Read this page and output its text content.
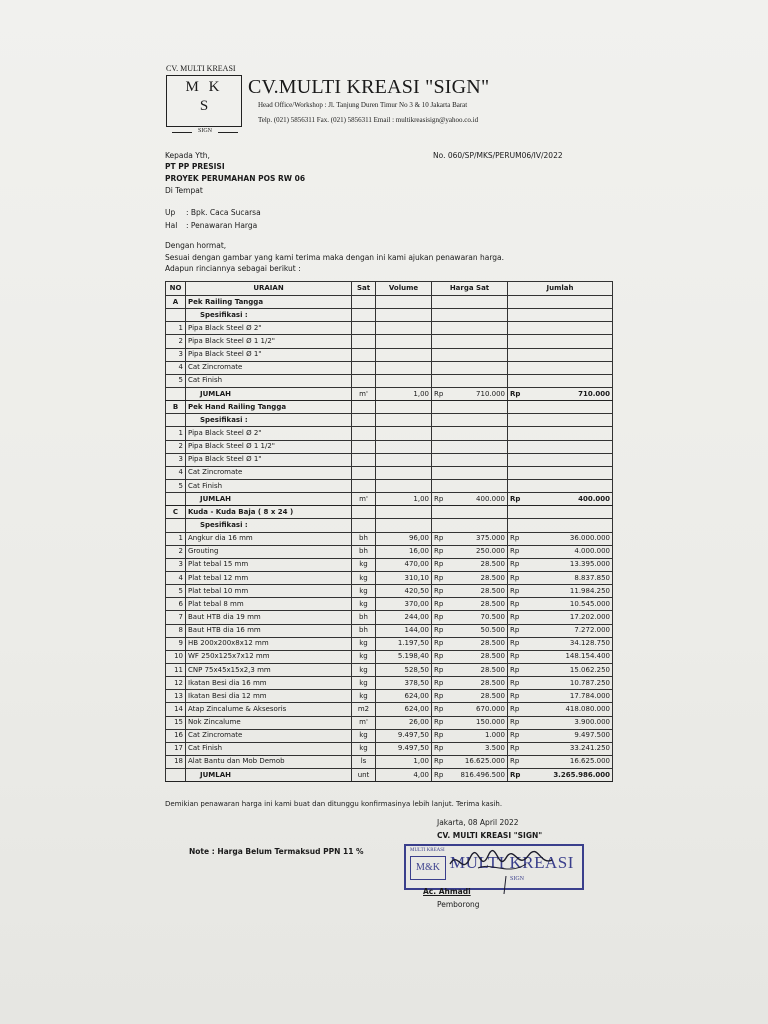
CV. MULTI KREASI
M K
S
SIGN
CV.MULTI KREASI "SIGN"
Head Office/Workshop : Jl. Tanjung Duren Timur No 3 & 10 Jakarta Barat
Telp. (021) 5856311 Fax. (021) 5856311 Email : multikreasisign@yahoo.co.id
Kepada Yth,
PT PP PRESISI
PROYEK PERUMAHAN POS RW 06
Di Tempat
No. 060/SP/MKS/PERUM06/IV/2022
Up : Bpk. Caca Sucarsa
Hal : Penawaran Harga
Dengan hormat,
Sesuai dengan gambar yang kami terima maka dengan ini kami ajukan penawaran harga.
Adapun rinciannya sebagai berikut :
NO	URAIAN	Sat	Volume	Harga Sat	Jumlah
A	Pek Railing Tangga			

	Spesifikasi :			

1	Pipa Black Steel Ø 2"			

2	Pipa Black Steel Ø 1 1/2"			

3	Pipa Black Steel Ø 1"			

4	Cat Zincromate			

5	Cat Finish			

	JUMLAH	m'	1,00	Rp 710.000	Rp 710.000

B	Pek Hand Railing Tangga			

	Spesifikasi :			

1	Pipa Black Steel Ø 2"			

2	Pipa Black Steel Ø 1 1/2"			

3	Pipa Black Steel Ø 1"			

4	Cat Zincromate			

5	Cat Finish			

	JUMLAH	m'	1,00	Rp 400.000	Rp 400.000

C	Kuda - Kuda Baja ( 8 x 24 )			

	Spesifikasi :			

1	Angkur dia 16 mm	bh	96,00	Rp 375.000	Rp 36.000.000

2	Grouting	bh	16,00	Rp 250.000	Rp 4.000.000

3	Plat tebal 15 mm	kg	470,00	Rp 28.500	Rp 13.395.000

4	Plat tebal 12 mm	kg	310,10	Rp 28.500	Rp 8.837.850

5	Plat tebal 10 mm	kg	420,50	Rp 28.500	Rp 11.984.250

6	Plat tebal 8 mm	kg	370,00	Rp 28.500	Rp 10.545.000

7	Baut HTB dia 19 mm	bh	244,00	Rp 70.500	Rp 17.202.000

8	Baut HTB dia 16 mm	bh	144,00	Rp 50.500	Rp 7.272.000

9	HB 200x200x8x12 mm	kg	1.197,50	Rp 28.500	Rp 34.128.750

10	WF 250x125x7x12 mm	kg	5.198,40	Rp 28.500	Rp 148.154.400

11	CNP 75x45x15x2,3 mm	kg	528,50	Rp 28.500	Rp 15.062.250

12	Ikatan Besi dia 16 mm	kg	378,50	Rp 28.500	Rp 10.787.250

13	Ikatan Besi dia 12 mm	kg	624,00	Rp 28.500	Rp 17.784.000

14	Atap Zincalume & Aksesoris	m2	624,00	Rp 670.000	Rp 418.080.000

15	Nok Zincalume	m'	26,00	Rp 150.000	Rp 3.900.000

16	Cat Zincromate	kg	9.497,50	Rp 1.000	Rp 9.497.500

17	Cat Finish	kg	9.497,50	Rp 3.500	Rp 33.241.250

18	Alat Bantu dan Mob Demob	ls	1,00	Rp 16.625.000	Rp 16.625.000

	JUMLAH	unt	4,00	Rp 816.496.500	Rp 3.265.986.000
Demikian penawaran harga ini kami buat dan ditunggu konfirmasinya lebih lanjut. Terima kasih.
Jakarta, 08 April 2022
CV. MULTI KREASI "SIGN"
Note : Harga Belum Termaksud PPN 11 %	MULTI KREASI
M&K MULTI KREASI
SIGN
Ac. Ahmadi
Pemborong
